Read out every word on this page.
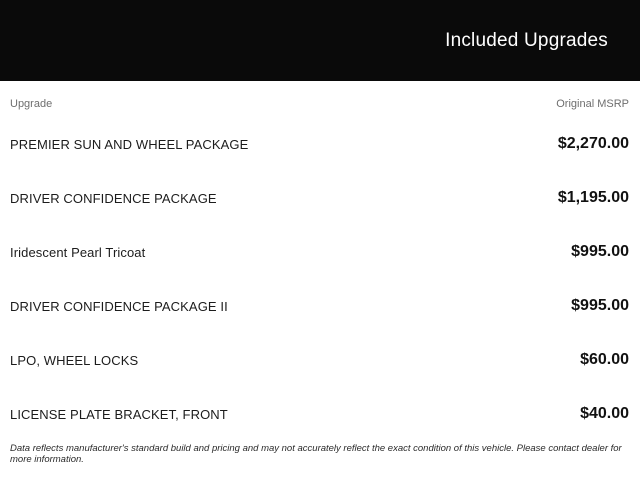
Included Upgrades
Upgrade	Original MSRP
PREMIER SUN AND WHEEL PACKAGE	$2,270.00
DRIVER CONFIDENCE PACKAGE	$1,195.00
Iridescent Pearl Tricoat	$995.00
DRIVER CONFIDENCE PACKAGE II	$995.00
LPO, WHEEL LOCKS	$60.00
LICENSE PLATE BRACKET, FRONT	$40.00

Data reflects manufacturer's standard build and pricing and may not accurately reflect the exact condition of this vehicle. Please contact dealer for more information.
